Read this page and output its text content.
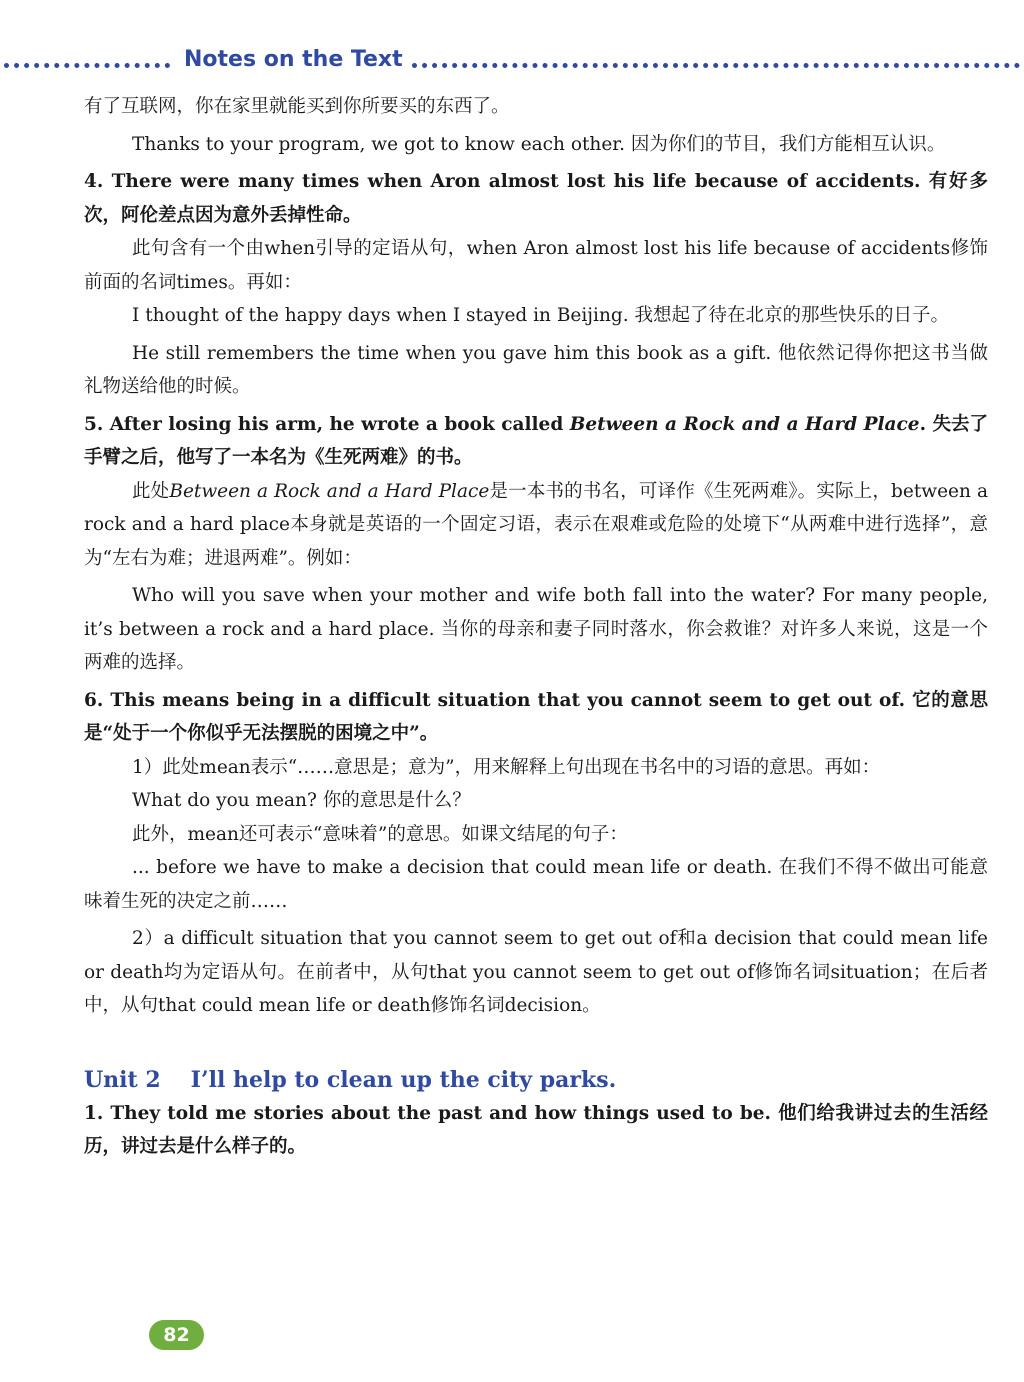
Notes on the Text

有了互联网，你在家里就能买到你所要买的东西了。

Thanks to your program, we got to know each other. 因为你们的节目，我们方能相互认识。

4. There were many times when Aron almost lost his life because of accidents. 有好多次，阿伦差点因为意外丢掉性命。

此句含有一个由when引导的定语从句，when Aron almost lost his life because of accidents修饰前面的名词times。再如：

I thought of the happy days when I stayed in Beijing. 我想起了待在北京的那些快乐的日子。

He still remembers the time when you gave him this book as a gift. 他依然记得你把这书当做礼物送给他的时候。

5. After losing his arm, he wrote a book called Between a Rock and a Hard Place. 失去了手臂之后，他写了一本名为《生死两难》的书。

此处Between a Rock and a Hard Place是一本书的书名，可译作《生死两难》。实际上，between a rock and a hard place本身就是英语的一个固定习语，表示在艰难或危险的处境下“从两难中进行选择”，意为“左右为难；进退两难”。例如：

Who will you save when your mother and wife both fall into the water? For many people, it’s between a rock and a hard place. 当你的母亲和妻子同时落水，你会救谁？对许多人来说，这是一个两难的选择。

6. This means being in a difficult situation that you cannot seem to get out of. 它的意思是“处于一个你似乎无法摆脱的困境之中”。

1）此处mean表示“……意思是；意为”，用来解释上句出现在书名中的习语的意思。再如：

What do you mean? 你的意思是什么？

此外，mean还可表示“意味着”的意思。如课文结尾的句子：

... before we have to make a decision that could mean life or death. 在我们不得不做出可能意味着生死的决定之前……

2）a difficult situation that you cannot seem to get out of和a decision that could mean life or death均为定语从句。在前者中，从句that you cannot seem to get out of修饰名词situation；在后者中，从句that could mean life or death修饰名词decision。

Unit 2 I’ll help to clean up the city parks.

1. They told me stories about the past and how things used to be. 他们给我讲过去的生活经历，讲过去是什么样子的。

82
